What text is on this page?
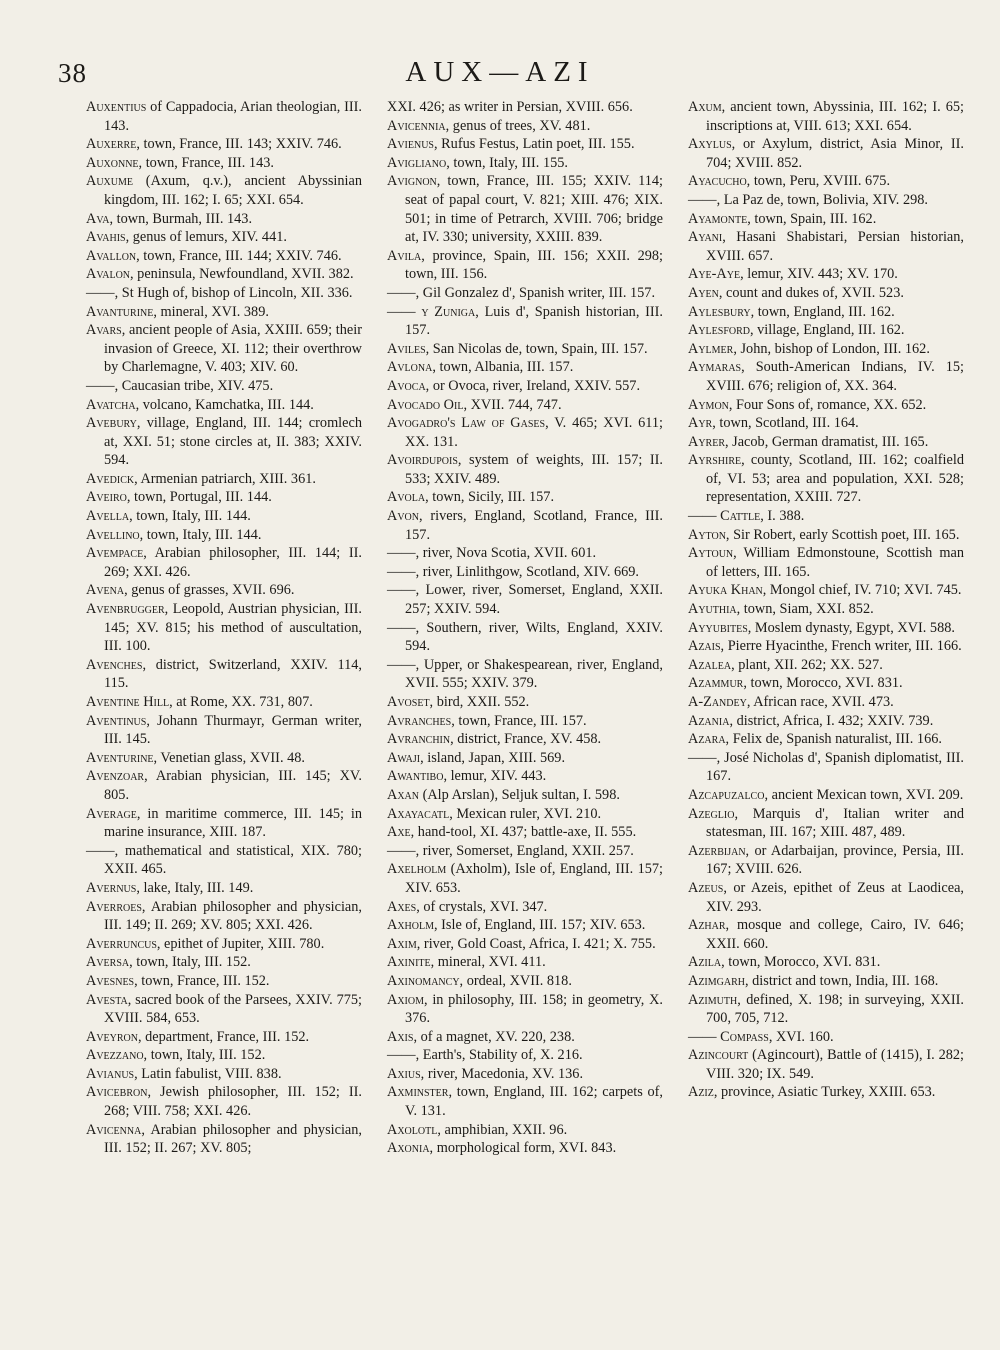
38	AUX—AZI
Auxentius of Cappadocia, Arian theologian, III. 143.
Auxerre, town, France, III. 143; XXIV. 746.
Auxonne, town, France, III. 143.
Auxume (Axum, q.v.), ancient Abyssinian kingdom, III. 162; I. 65; XXI. 654.
Ava, town, Burmah, III. 143.
Avahis, genus of lemurs, XIV. 441.
Avallon, town, France, III. 144; XXIV. 746.
Avalon, peninsula, Newfoundland, XVII. 382.
——, St Hugh of, bishop of Lincoln, XII. 336.
Avanturine, mineral, XVI. 389.
Avars, ancient people of Asia, XXIII. 659; their invasion of Greece, XI. 112; their overthrow by Charlemagne, V. 403; XIV. 60.
——, Caucasian tribe, XIV. 475.
Avatcha, volcano, Kamchatka, III. 144.
Avebury, village, England, III. 144; cromlech at, XXI. 51; stone circles at, II. 383; XXIV. 594.
Avedick, Armenian patriarch, XIII. 361.
Aveiro, town, Portugal, III. 144.
Avella, town, Italy, III. 144.
Avellino, town, Italy, III. 144.
Avempace, Arabian philosopher, III. 144; II. 269; XXI. 426.
Avena, genus of grasses, XVII. 696.
Avenbrugger, Leopold, Austrian physician, III. 145; XV. 815; his method of auscultation, III. 100.
Avenches, district, Switzerland, XXIV. 114, 115.
Aventine Hill, at Rome, XX. 731, 807.
Aventinus, Johann Thurmayr, German writer, III. 145.
Aventurine, Venetian glass, XVII. 48.
Avenzoar, Arabian physician, III. 145; XV. 805.
Average, in maritime commerce, III. 145; in marine insurance, XIII. 187.
——, mathematical and statistical, XIX. 780; XXII. 465.
Avernus, lake, Italy, III. 149.
Averroes, Arabian philosopher and physician, III. 149; II. 269; XV. 805; XXI. 426.
Averruncus, epithet of Jupiter, XIII. 780.
Aversa, town, Italy, III. 152.
Avesnes, town, France, III. 152.
Avesta, sacred book of the Parsees, XXIV. 775; XVIII. 584, 653.
Aveyron, department, France, III. 152.
Avezzano, town, Italy, III. 152.
Avianus, Latin fabulist, VIII. 838.
Avicebron, Jewish philosopher, III. 152; II. 268; VIII. 758; XXI. 426.
Avicenna, Arabian philosopher and physician, III. 152; II. 267; XV. 805;
XXI. 426; as writer in Persian, XVIII. 656.
Avicennia, genus of trees, XV. 481.
Avienus, Rufus Festus, Latin poet, III. 155.
Avigliano, town, Italy, III. 155.
Avignon, town, France, III. 155; XXIV. 114; seat of papal court, V. 821; XIII. 476; XIX. 501; in time of Petrarch, XVIII. 706; bridge at, IV. 330; university, XXIII. 839.
Avila, province, Spain, III. 156; XXII. 298; town, III. 156.
——, Gil Gonzalez d', Spanish writer, III. 157.
—— y Zuniga, Luis d', Spanish historian, III. 157.
Aviles, San Nicolas de, town, Spain, III. 157.
Avlona, town, Albania, III. 157.
Avoca, or Ovoca, river, Ireland, XXIV. 557.
Avocado Oil, XVII. 744, 747.
Avogadro's Law of Gases, V. 465; XVI. 611; XX. 131.
Avoirdupois, system of weights, III. 157; II. 533; XXIV. 489.
Avola, town, Sicily, III. 157.
Avon, rivers, England, Scotland, France, III. 157.
——, river, Nova Scotia, XVII. 601.
——, river, Linlithgow, Scotland, XIV. 669.
——, Lower, river, Somerset, England, XXII. 257; XXIV. 594.
——, Southern, river, Wilts, England, XXIV. 594.
——, Upper, or Shakespearean, river, England, XVII. 555; XXIV. 379.
Avoset, bird, XXII. 552.
Avranches, town, France, III. 157.
Avranchin, district, France, XV. 458.
Awaji, island, Japan, XIII. 569.
Awantibo, lemur, XIV. 443.
Axan (Alp Arslan), Seljuk sultan, I. 598.
Axayacatl, Mexican ruler, XVI. 210.
Axe, hand-tool, XI. 437; battle-axe, II. 555.
——, river, Somerset, England, XXII. 257.
Axelholm (Axholm), Isle of, England, III. 157; XIV. 653.
Axes, of crystals, XVI. 347.
Axholm, Isle of, England, III. 157; XIV. 653.
Axim, river, Gold Coast, Africa, I. 421; X. 755.
Axinite, mineral, XVI. 411.
Axinomancy, ordeal, XVII. 818.
Axiom, in philosophy, III. 158; in geometry, X. 376.
Axis, of a magnet, XV. 220, 238.
——, Earth's, Stability of, X. 216.
Axius, river, Macedonia, XV. 136.
Axminster, town, England, III. 162; carpets of, V. 131.
Axolotl, amphibian, XXII. 96.
Axonia, morphological form, XVI. 843.
Axum, ancient town, Abyssinia, III. 162; I. 65; inscriptions at, VIII. 613; XXI. 654.
Axylus, or Axylum, district, Asia Minor, II. 704; XVIII. 852.
Ayacucho, town, Peru, XVIII. 675.
——, La Paz de, town, Bolivia, XIV. 298.
Ayamonte, town, Spain, III. 162.
Ayani, Hasani Shabistari, Persian historian, XVIII. 657.
Aye-Aye, lemur, XIV. 443; XV. 170.
Ayen, count and dukes of, XVII. 523.
Aylesbury, town, England, III. 162.
Aylesford, village, England, III. 162.
Aylmer, John, bishop of London, III. 162.
Aymaras, South-American Indians, IV. 15; XVIII. 676; religion of, XX. 364.
Aymon, Four Sons of, romance, XX. 652.
Ayr, town, Scotland, III. 164.
Ayrer, Jacob, German dramatist, III. 165.
Ayrshire, county, Scotland, III. 162; coalfield of, VI. 53; area and population, XXI. 528; representation, XXIII. 727.
—— Cattle, I. 388.
Ayton, Sir Robert, early Scottish poet, III. 165.
Aytoun, William Edmonstoune, Scottish man of letters, III. 165.
Ayuka Khan, Mongol chief, IV. 710; XVI. 745.
Ayuthia, town, Siam, XXI. 852.
Ayyubites, Moslem dynasty, Egypt, XVI. 588.
Azais, Pierre Hyacinthe, French writer, III. 166.
Azalea, plant, XII. 262; XX. 527.
Azammur, town, Morocco, XVI. 831.
A-Zandey, African race, XVII. 473.
Azania, district, Africa, I. 432; XXIV. 739.
Azara, Felix de, Spanish naturalist, III. 166.
——, José Nicholas d', Spanish diplomatist, III. 167.
Azcapuzalco, ancient Mexican town, XVI. 209.
Azeglio, Marquis d', Italian writer and statesman, III. 167; XIII. 487, 489.
Azerbijan, or Adarbaijan, province, Persia, III. 167; XVIII. 626.
Azeus, or Azeis, epithet of Zeus at Laodicea, XIV. 293.
Azhar, mosque and college, Cairo, IV. 646; XXII. 660.
Azila, town, Morocco, XVI. 831.
Azimgarh, district and town, India, III. 168.
Azimuth, defined, X. 198; in surveying, XXII. 700, 705, 712.
—— Compass, XVI. 160.
Azincourt (Agincourt), Battle of (1415), I. 282; VIII. 320; IX. 549.
Aziz, province, Asiatic Turkey, XXIII. 653.
